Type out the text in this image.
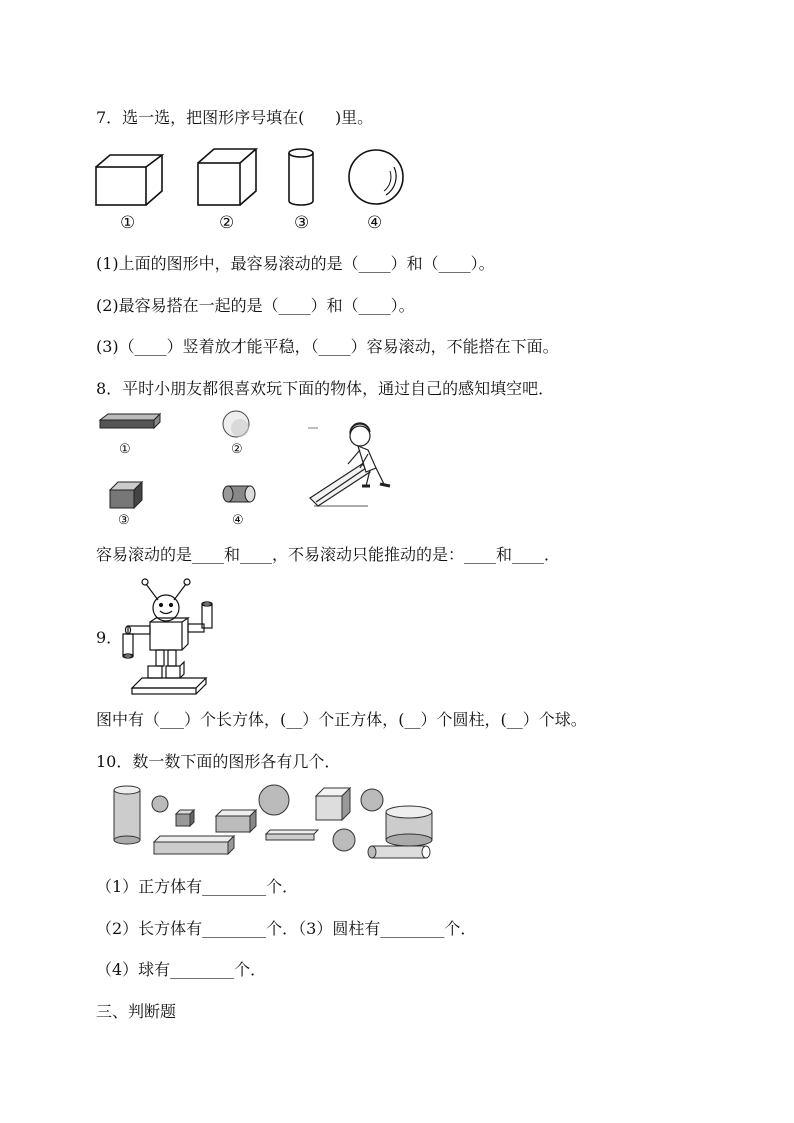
7．选一选，把图形序号填在(      )里。
①	②	③	④
(1)上面的图形中，最容易滚动的是（____）和（____）。
(2)最容易搭在一起的是（____）和（____）。
(3)（____）竖着放才能平稳，（____）容易滚动，不能搭在下面。
8．平时小朋友都很喜欢玩下面的物体，通过自己的感知填空吧．
①	②
③	④
容易滚动的是____和____，不易滚动只能推动的是：____和____．
9．
图中有（___）个长方体，(__）个正方体，(__）个圆柱，(__）个球。
10．数一数下面的图形各有几个．
（1）正方体有________个．
（2）长方体有________个．（3）圆柱有________个．
（4）球有________个．
三、判断题
